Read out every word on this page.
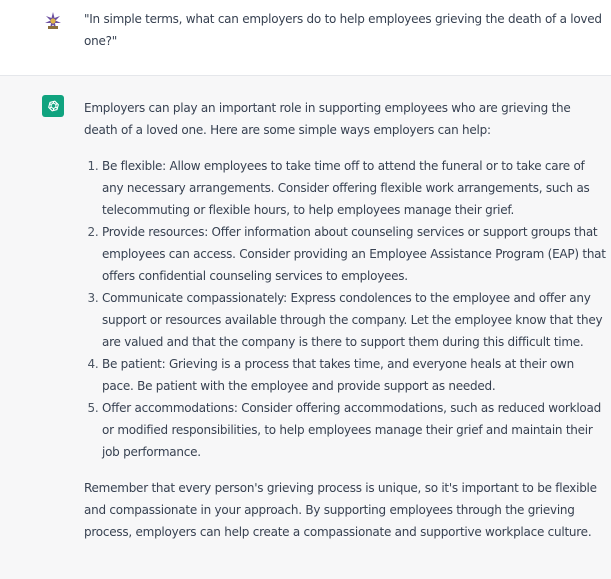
"In simple terms, what can employers do to help employees grieving the death of a loved one?"

Employers can play an important role in supporting employees who are grieving the death of a loved one. Here are some simple ways employers can help:

1. Be flexible: Allow employees to take time off to attend the funeral or to take care of any necessary arrangements. Consider offering flexible work arrangements, such as telecommuting or flexible hours, to help employees manage their grief.
2. Provide resources: Offer information about counseling services or support groups that employees can access. Consider providing an Employee Assistance Program (EAP) that offers confidential counseling services to employees.
3. Communicate compassionately: Express condolences to the employee and offer any support or resources available through the company. Let the employee know that they are valued and that the company is there to support them during this difficult time.
4. Be patient: Grieving is a process that takes time, and everyone heals at their own pace. Be patient with the employee and provide support as needed.
5. Offer accommodations: Consider offering accommodations, such as reduced workload or modified responsibilities, to help employees manage their grief and maintain their job performance.

Remember that every person's grieving process is unique, so it's important to be flexible and compassionate in your approach. By supporting employees through the grieving process, employers can help create a compassionate and supportive workplace culture.
